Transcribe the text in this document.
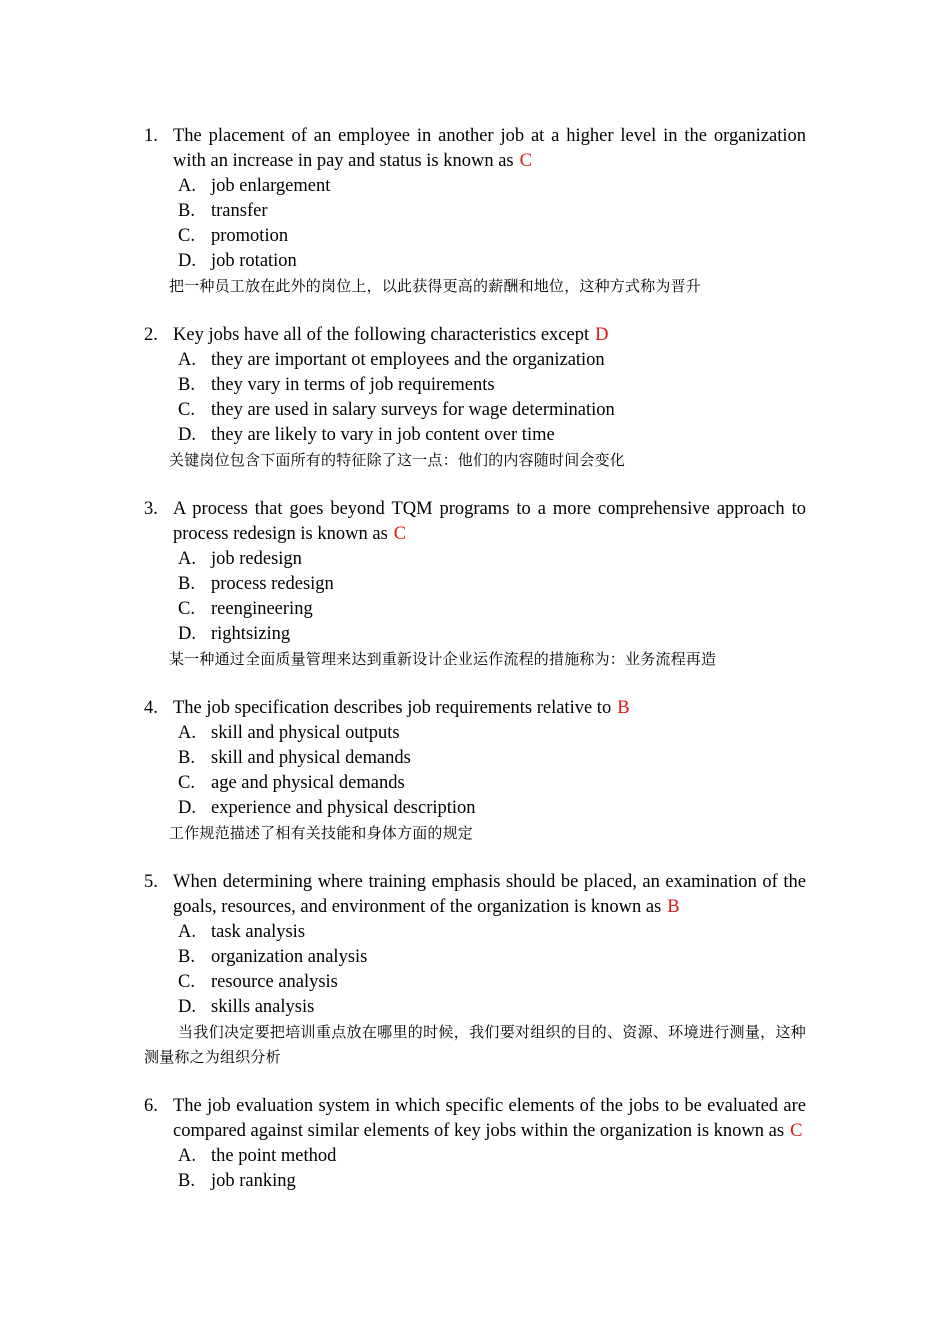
1. The placement of an employee in another job at a higher level in the organization with an increase in pay and status is known as C
A. job enlargement
B. transfer
C. promotion
D. job rotation
把一种员工放在此外的岗位上，以此获得更高的薪酬和地位，这种方式称为晋升
2. Key jobs have all of the following characteristics except D
A. they are important ot employees and the organization
B. they vary in terms of job requirements
C. they are used in salary surveys for wage determination
D. they are likely to vary in job content over time
关键岗位包含下面所有的特征除了这一点：他们的内容随时间会变化
3. A process that goes beyond TQM programs to a more comprehensive approach to process redesign is known as C
A. job redesign
B. process redesign
C. reengineering
D. rightsizing
某一种通过全面质量管理来达到重新设计企业运作流程的措施称为：业务流程再造
4. The job specification describes job requirements relative to B
A. skill and physical outputs
B. skill and physical demands
C. age and physical demands
D. experience and physical description
工作规范描述了相有关技能和身体方面的规定
5. When determining where training emphasis should be placed, an examination of the goals, resources, and environment of the organization is known as B
A. task analysis
B. organization analysis
C. resource analysis
D. skills analysis
当我们决定要把培训重点放在哪里的时候，我们要对组织的目的、资源、环境进行测量，这种测量称之为组织分析
6. The job evaluation system in which specific elements of the jobs to be evaluated are compared against similar elements of key jobs within the organization is known as C
A. the point method
B. job ranking
